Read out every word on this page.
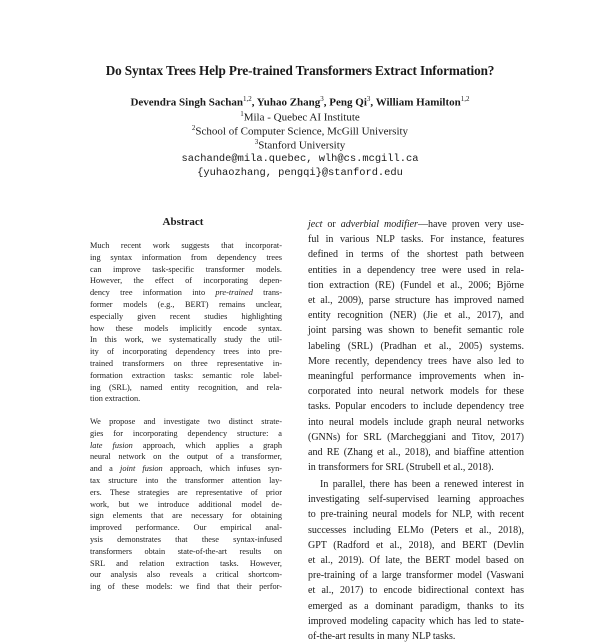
Do Syntax Trees Help Pre-trained Transformers Extract Information?
Devendra Singh Sachan$^{1,2}$, Yuhao Zhang$^3$, Peng Qi$^3$, William Hamilton$^{1,2}$
$^1$Mila - Quebec AI Institute
$^2$School of Computer Science, McGill University
$^3$Stanford University
sachande@mila.quebec, wlh@cs.mcgill.ca
{yuhaozhang, pengqi}@stanford.edu
Abstract
Much recent work suggests that incorporat-
ing syntax information from dependency trees
can improve task-specific transformer models.
However, the effect of incorporating depen-
dency tree information into pre-trained trans-
former models (e.g., BERT) remains unclear,
especially given recent studies highlighting
how these models implicitly encode syntax.
In this work, we systematically study the util-
ity of incorporating dependency trees into pre-
trained transformers on three representative in-
formation extraction tasks: semantic role label-
ing (SRL), named entity recognition, and rela-
tion extraction.
We propose and investigate two distinct strate-
gies for incorporating dependency structure: a
late fusion approach, which applies a graph
neural network on the output of a transformer,
and a joint fusion approach, which infuses syn-
tax structure into the transformer attention lay-
ers. These strategies are representative of prior
work, but we introduce additional model de-
sign elements that are necessary for obtaining
improved performance. Our empirical anal-
ysis demonstrates that these syntax-infused
transformers obtain state-of-the-art results on
SRL and relation extraction tasks. However,
our analysis also reveals a critical shortcom-
ing of these models: we find that their perfor-
ject or adverbial modifier—have proven very use-
ful in various NLP tasks. For instance, features
defined in terms of the shortest path between
entities in a dependency tree were used in rela-
tion extraction (RE) (Fundel et al., 2006; Björne
et al., 2009), parse structure has improved named
entity recognition (NER) (Jie et al., 2017), and
joint parsing was shown to benefit semantic role
labeling (SRL) (Pradhan et al., 2005) systems.
More recently, dependency trees have also led to
meaningful performance improvements when in-
corporated into neural network models for these
tasks. Popular encoders to include dependency tree
into neural models include graph neural networks
(GNNs) for SRL (Marcheggiani and Titov, 2017)
and RE (Zhang et al., 2018), and biaffine attention
in transformers for SRL (Strubell et al., 2018).
In parallel, there has been a renewed interest in
investigating self-supervised learning approaches
to pre-training neural models for NLP, with recent
successes including ELMo (Peters et al., 2018),
GPT (Radford et al., 2018), and BERT (Devlin
et al., 2019). Of late, the BERT model based on
pre-training of a large transformer model (Vaswani
et al., 2017) to encode bidirectional context has
emerged as a dominant paradigm, thanks to its
improved modeling capacity which has led to state-
of-the-art results in many NLP tasks.
